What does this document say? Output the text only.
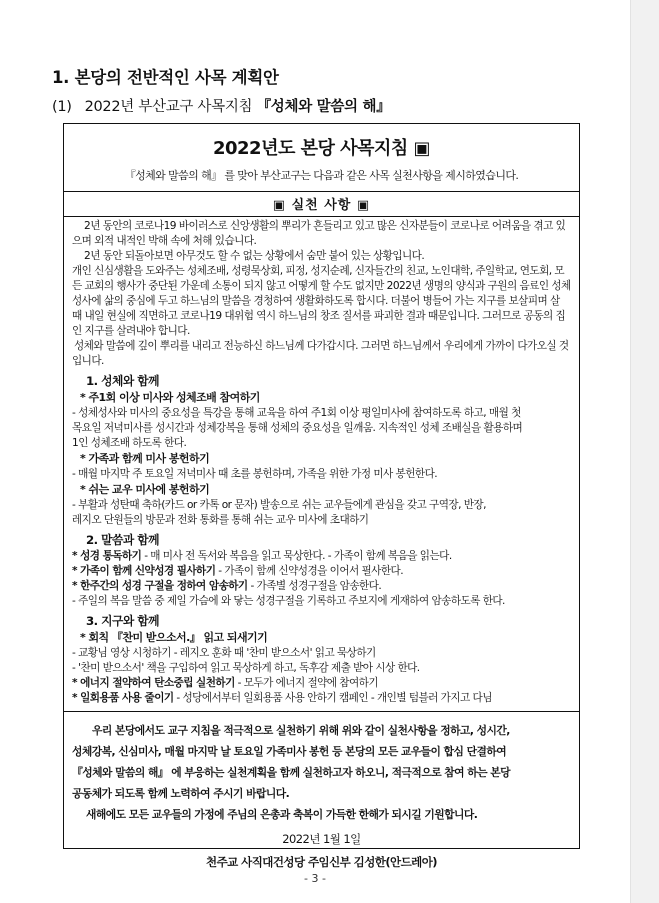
1. 본당의 전반적인 사목 계획안
(1) 2022년 부산교구 사목지침 『성체와 말씀의 해』
2022년도 본당 사목지침 ▣
『성체와 말씀의 해』 를 맞아 부산교구는 다음과 같은 사목 실천사항을 제시하였습니다.
▣ 실천 사항 ▣

2년 동안의 코로나19 바이러스로 신앙생활의 뿌리가 흔들리고 있고 많은 신자분들이 코로나로 어려움을 겪고 있으며 외적 내적인 박해 속에 처해 있습니다.

2년 동안 되돌아보면 아무것도 할 수 없는 상황에서 숨만 붙어 있는 상황입니다.

개인 신심생활을 도와주는 성체조배, 성령묵상회, 피정, 성지순례, 신자들간의 친교, 노인대학, 주일학교, 연도회, 모든 교회의 행사가 중단된 가운데 소통이 되지 않고 어떻게 할 수도 없지만 2022년 생명의 양식과 구원의 음료인 성체성사에 삶의 중심에 두고 하느님의 말씀을 경청하여 생활화하도록 합시다. 더불어 병들어 가는 지구를 보살피며 살 때 내일 현실에 직면하고 코로나19 대위험 역시 하느님의 창조 질서를 파괴한 결과 때문입니다. 그러므로 공동의 집인 지구를 살려내야 합니다.

성체와 말씀에 깊이 뿌리를 내리고 전능하신 하느님께 다가갑시다. 그러면 하느님께서 우리에게 가까이 다가오실 것입니다.

1. 성체와 함께
* 주1회 이상 미사와 성체조배 참여하기

- 성체성사와 미사의 중요성을 특강을 통해 교육을 하여 주1회 이상 평일미사에 참여하도록 하고, 매월 첫

목요일 저녁미사를 성시간과 성체강복을 통해 성체의 중요성을 일깨움. 지속적인 성체 조배실을 활용하며

1인 성체조배 하도록 한다.

* 가족과 함께 미사 봉헌하기

- 매월 마지막 주 토요일 저녁미사 때 초를 봉헌하며, 가족을 위한 가정 미사 봉헌한다.

* 쉬는 교우 미사에 봉헌하기

- 부활과 성탄때 축하(카드 or 카톡 or 문자) 발송으로 쉬는 교우들에게 관심을 갖고 구역장, 반장,

레지오 단원들의 방문과 전화 통화를 통해 쉬는 교우 미사에 초대하기

2. 말씀과 함께

* 성경 통독하기 - 매 미사 전 독서와 복음을 읽고 묵상한다. - 가족이 함께 복음을 읽는다.

* 가족이 함께 신약성경 필사하기 - 가족이 함께 신약성경을 이어서 필사한다.

* 한주간의 성경 구절을 정하여 암송하기 - 가족별 성경구절을 암송한다.

- 주일의 복음 말씀 중 제일 가슴에 와 닿는 성경구절을 기록하고 주보지에 게재하여 암송하도록 한다.

3. 지구와 함께
* 회칙 『찬미 받으소서.』 읽고 되새기기

- 교황님 영상 시청하기 - 레지오 훈화 때 '찬미 받으소서' 읽고 묵상하기

- '찬미 받으소서' 책을 구입하여 읽고 묵상하게 하고, 독후감 제출 받아 시상 한다.

* 에너지 절약하여 탄소중립 실천하기 - 모두가 에너지 절약에 참여하기

* 일회용품 사용 줄이기 - 성당에서부터 일회용품 사용 안하기 캠페인 - 개인별 텀블러 가지고 다님

우리 본당에서도 교구 지침을 적극적으로 실천하기 위해 위와 같이 실천사항을 정하고, 성시간,

성체강복, 신심미사, 매월 마지막 날 토요일 가족미사 봉헌 등 본당의 모든 교우들이 합심 단결하여

『성체와 말씀의 해』 에 부응하는 실천계획을 함께 실천하고자 하오니, 적극적으로 참여 하는 본당

공동체가 되도록 함께 노력하여 주시기 바랍니다.

새해에도 모든 교우들의 가정에 주님의 은총과 축복이 가득한 한해가 되시길 기원합니다.

2022년 1월 1일
천주교 사직대건성당 주임신부 김성한(안드레아)
- 3 -
